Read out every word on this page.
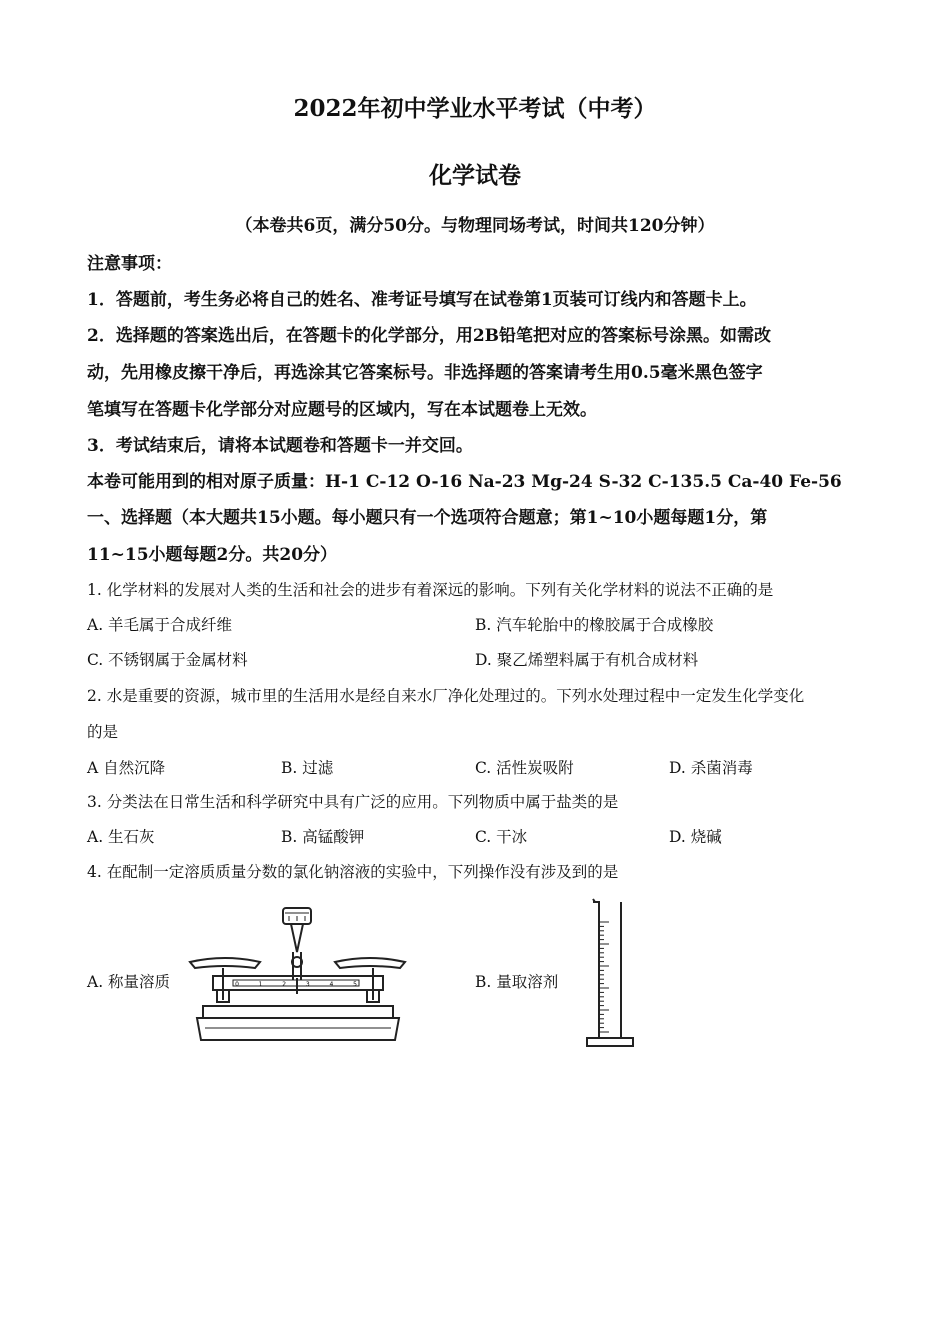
2022年初中学业水平考试（中考）
化学试卷
（本卷共6页，满分50分。与物理同场考试，时间共120分钟）
注意事项：
1．答题前，考生务必将自己的姓名、准考证号填写在试卷第1页装可订线内和答题卡上。
2．选择题的答案选出后，在答题卡的化学部分，用2B铅笔把对应的答案标号涂黑。如需改
动，先用橡皮擦干净后，再选涂其它答案标号。非选择题的答案请考生用0.5毫米黑色签字
笔填写在答题卡化学部分对应题号的区域内，写在本试题卷上无效。
3．考试结束后，请将本试题卷和答题卡一并交回。
本卷可能用到的相对原子质量：H-1 C-12 O-16 Na-23 Mg-24 S-32 C-135.5 Ca-40 Fe-56
一、选择题（本大题共15小题。每小题只有一个选项符合题意；第1~10小题每题1分，第
11~15小题每题2分。共20分）
1. 化学材料的发展对人类的生活和社会的进步有着深远的影响。下列有关化学材料的说法不正确的是
A. 羊毛属于合成纤维	B. 汽车轮胎中的橡胶属于合成橡胶
C. 不锈钢属于金属材料	D. 聚乙烯塑料属于有机合成材料
2. 水是重要的资源，城市里的生活用水是经自来水厂净化处理过的。下列水处理过程中一定发生化学变化
的是
A 自然沉降	B. 过滤	C. 活性炭吸附	D. 杀菌消毒
3. 分类法在日常生活和科学研究中具有广泛的应用。下列物质中属于盐类的是
A. 生石灰	B. 高锰酸钾	C. 干冰	D. 烧碱
4. 在配制一定溶质质量分数的氯化钠溶液的实验中，下列操作没有涉及到的是
A. 称量溶质	B. 量取溶剂
0	1	2	3	4	5
